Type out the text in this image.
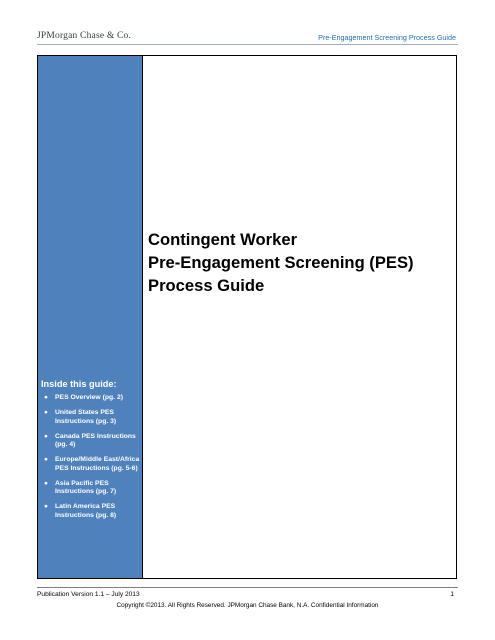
JPMorgan Chase & Co.	Pre-Engagement Screening Process Guide
Inside this guide:
● PES Overview (pg. 2)
● United States PES Instructions (pg. 3)
● Canada PES Instructions (pg. 4)
● Europe/Middle East/Africa PES Instructions (pg. 5-6)
● Asia Pacific PES Instructions (pg. 7)
● Latin America PES Instructions (pg. 8)
Contingent Worker
Pre-Engagement Screening (PES)
Process Guide
Publication Version 1.1 – July 2013	1
Copyright ©2013. All Rights Reserved. JPMorgan Chase Bank, N.A. Confidential Information
